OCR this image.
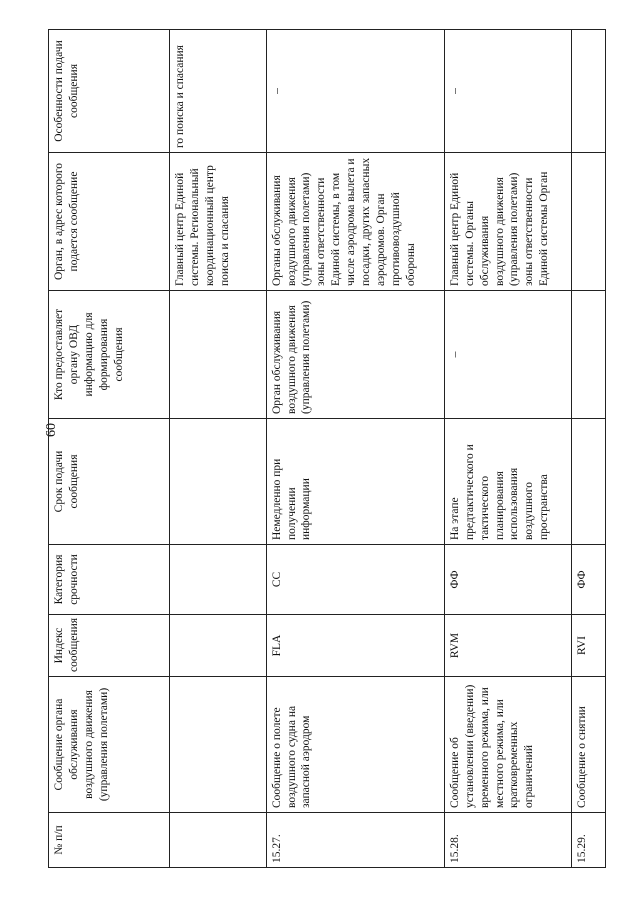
60
№ п/п	Сообщение органа обслуживания воздушного движения (управления полетами)	Индекс сообщения	Категория срочности	Срок подачи сообщения	Кто предоставляет органу ОВД информацию для формирования сообщения	Орган, в адрес которого подается сообщение	Особенности подачи сообщения
						Главный центр Единой системы. Региональный координационный центр поиска и спасания	го поиска и спасания
15.27.	Сообщение о полете воздушного судна на запасной аэродром	FLA	СС	Немедленно при получении информации	Орган обслуживания воздушного движения (управления полетами)	Органы обслуживания воздушного движения (управления полетами) зоны ответственности Единой системы, в том числе аэродрома вылета и посадки, других запасных аэродромов. Орган противовоздушной обороны	–
15.28.	Сообщение об установлении (введении) временного режима, или местного режима, или кратковременных ограничений	RVM	ФФ	На этапе предтактического и тактического планирования использования воздушного пространства	–	Главный центр Единой системы. Органы обслуживания воздушного движения (управления полетами) зоны ответственности Единой системы Орган	–
15.29.	Сообщение о снятии	RVI	ФФ				
